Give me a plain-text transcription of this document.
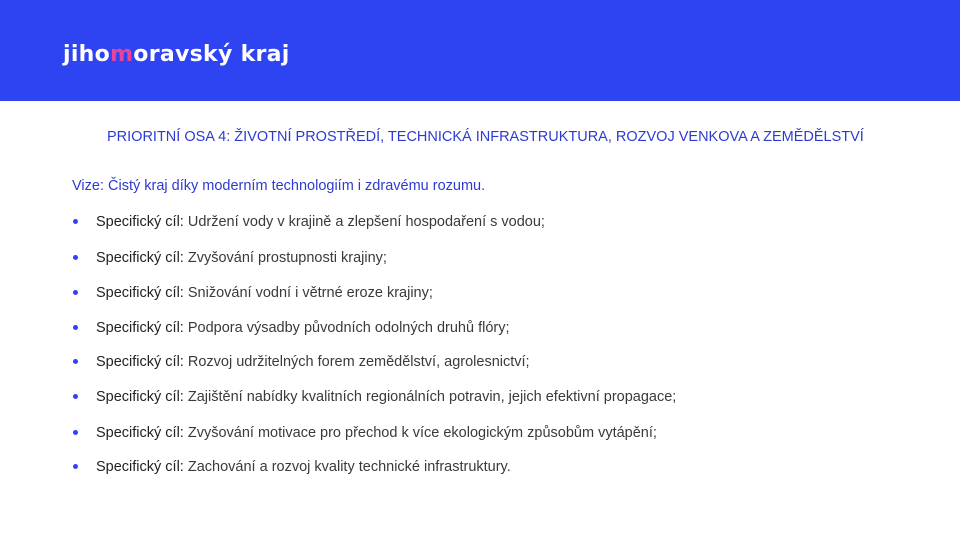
jihomoravský kraj
PRIORITNÍ OSA 4: ŽIVOTNÍ PROSTŘEDÍ, TECHNICKÁ INFRASTRUKTURA, ROZVOJ VENKOVA A ZEMĚDĚLSTVÍ
Vize: Čistý kraj díky moderním technologiím i zdravému rozumu.
Specifický cíl: Udržení vody v krajině a zlepšení hospodaření s vodou;
Specifický cíl: Zvyšování prostupnosti krajiny;
Specifický cíl: Snižování vodní i větrné eroze krajiny;
Specifický cíl: Podpora výsadby původních odolných druhů flóry;
Specifický cíl: Rozvoj udržitelných forem zemědělství, agrolesnictví;
Specifický cíl: Zajištění nabídky kvalitních regionálních potravin, jejich efektivní propagace;
Specifický cíl: Zvyšování motivace pro přechod k více ekologickým způsobům vytápění;
Specifický cíl: Zachování a rozvoj kvality technické infrastruktury.
